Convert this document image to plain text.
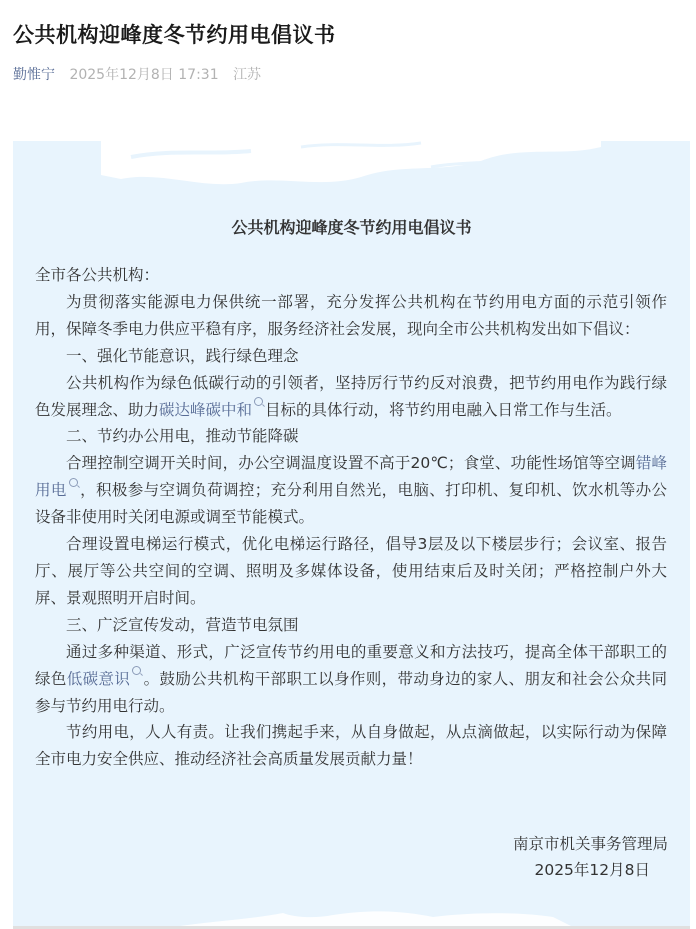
公共机构迎峰度冬节约用电倡议书
勤惟宁 2025年12月8日 17:31 江苏
公共机构迎峰度冬节约用电倡议书

全市各公共机构：

为贯彻落实能源电力保供统一部署，充分发挥公共机构在节约用电方面的示范引领作用，保障冬季电力供应平稳有序，服务经济社会发展，现向全市公共机构发出如下倡议：

一、强化节能意识，践行绿色理念

公共机构作为绿色低碳行动的引领者，坚持厉行节约反对浪费，把节约用电作为践行绿色发展理念、助力碳达峰碳中和 目标的具体行动，将节约用电融入日常工作与生活。

二、节约办公用电，推动节能降碳

合理控制空调开关时间，办公空调温度设置不高于20℃；食堂、功能性场馆等空调错峰用电 ，积极参与空调负荷调控；充分利用自然光，电脑、打印机、复印机、饮水机等办公设备非使用时关闭电源或调至节能模式。

合理设置电梯运行模式，优化电梯运行路径，倡导3层及以下楼层步行；会议室、报告厅、展厅等公共空间的空调、照明及多媒体设备，使用结束后及时关闭；严格控制户外大屏、景观照明开启时间。

三、广泛宣传发动，营造节电氛围

通过多种渠道、形式，广泛宣传节约用电的重要意义和方法技巧，提高全体干部职工的绿色低碳意识 。鼓励公共机构干部职工以身作则，带动身边的家人、朋友和社会公众共同参与节约用电行动。

节约用电，人人有责。让我们携起手来，从自身做起，从点滴做起，以实际行动为保障全市电力安全供应、推动经济社会高质量发展贡献力量！

南京市机关事务管理局
2025年12月8日
